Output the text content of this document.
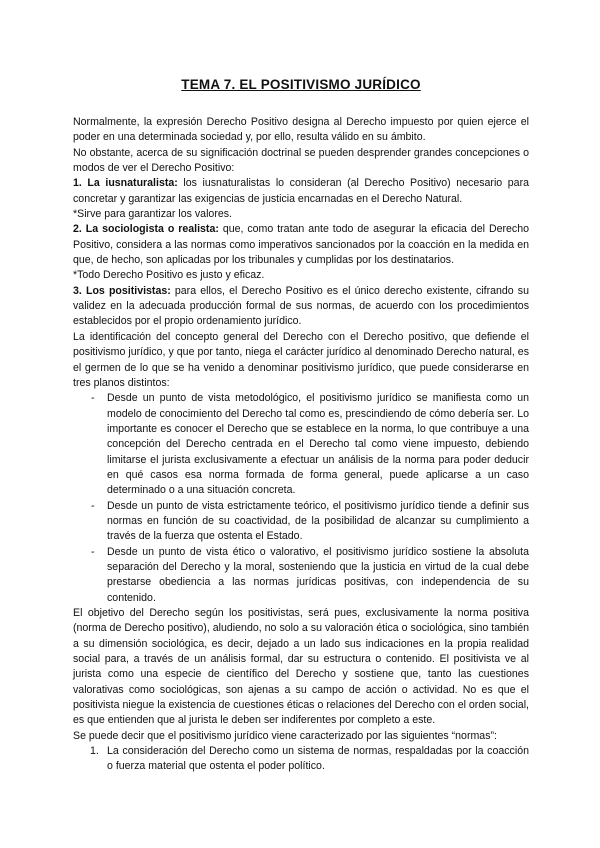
TEMA 7. EL POSITIVISMO JURÍDICO

Normalmente, la expresión Derecho Positivo designa al Derecho impuesto por quien ejerce el poder en una determinada sociedad y, por ello, resulta válido en su ámbito.

No obstante, acerca de su significación doctrinal se pueden desprender grandes concepciones o modos de ver el Derecho Positivo:

1. La iusnaturalista: los iusnaturalistas lo consideran (al Derecho Positivo) necesario para concretar y garantizar las exigencias de justicia encarnadas en el Derecho Natural.

*Sirve para garantizar los valores.

2. La sociologista o realista: que, como tratan ante todo de asegurar la eficacia del Derecho Positivo, considera a las normas como imperativos sancionados por la coacción en la medida en que, de hecho, son aplicadas por los tribunales y cumplidas por los destinatarios.

*Todo Derecho Positivo es justo y eficaz.

3. Los positivistas: para ellos, el Derecho Positivo es el único derecho existente, cifrando su validez en la adecuada producción formal de sus normas, de acuerdo con los procedimientos establecidos por el propio ordenamiento jurídico.

La identificación del concepto general del Derecho con el Derecho positivo, que defiende el positivismo jurídico, y que por tanto, niega el carácter jurídico al denominado Derecho natural, es el germen de lo que se ha venido a denominar positivismo jurídico, que puede considerarse en tres planos distintos:

- Desde un punto de vista metodológico, el positivismo jurídico se manifiesta como un modelo de conocimiento del Derecho tal como es, prescindiendo de cómo debería ser. Lo importante es conocer el Derecho que se establece en la norma, lo que contribuye a una concepción del Derecho centrada en el Derecho tal como viene impuesto, debiendo limitarse el jurista exclusivamente a efectuar un análisis de la norma para poder deducir en qué casos esa norma formada de forma general, puede aplicarse a un caso determinado o a una situación concreta.
- Desde un punto de vista estrictamente teórico, el positivismo jurídico tiende a definir sus normas en función de su coactividad, de la posibilidad de alcanzar su cumplimiento a través de la fuerza que ostenta el Estado.
- Desde un punto de vista ético o valorativo, el positivismo jurídico sostiene la absoluta separación del Derecho y la moral, sosteniendo que la justicia en virtud de la cual debe prestarse obediencia a las normas jurídicas positivas, con independencia de su contenido.

El objetivo del Derecho según los positivistas, será pues, exclusivamente la norma positiva (norma de Derecho positivo), aludiendo, no solo a su valoración ética o sociológica, sino también a su dimensión sociológica, es decir, dejado a un lado sus indicaciones en la propia realidad social para, a través de un análisis formal, dar su estructura o contenido. El positivista ve al jurista como una especie de científico del Derecho y sostiene que, tanto las cuestiones valorativas como sociológicas, son ajenas a su campo de acción o actividad. No es que el positivista niegue la existencia de cuestiones éticas o relaciones del Derecho con el orden social, es que entienden que al jurista le deben ser indiferentes por completo a este.

Se puede decir que el positivismo jurídico viene caracterizado por las siguientes “normas”:

1. La consideración del Derecho como un sistema de normas, respaldadas por la coacción o fuerza material que ostenta el poder político.
